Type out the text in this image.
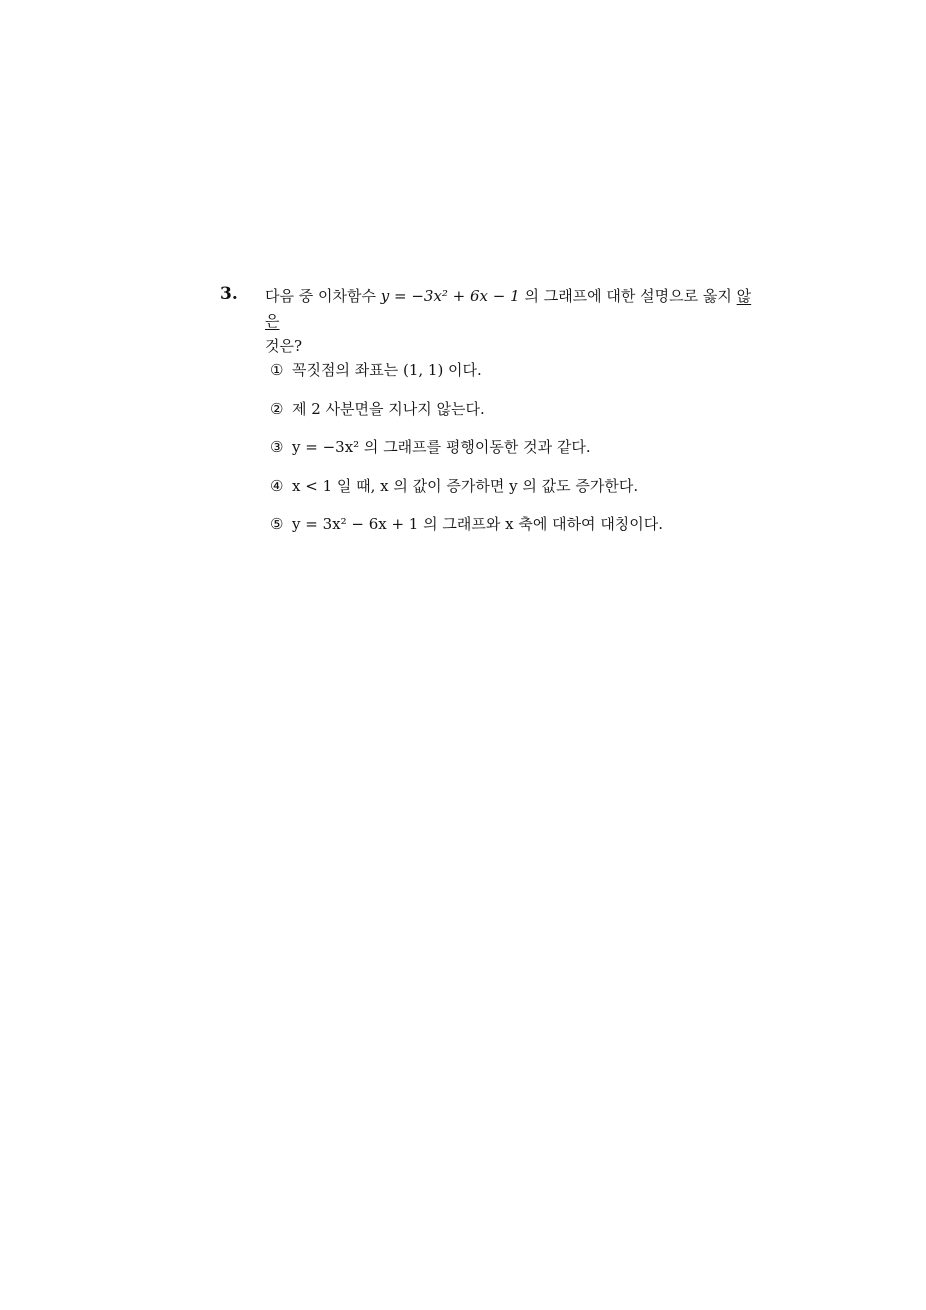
3. 다음 중 이차함수 y = −3x² + 6x − 1 의 그래프에 대한 설명으로 옳지 않은
것은?
① 꼭짓점의 좌표는 (1, 1) 이다.
② 제 2 사분면을 지나지 않는다.
③ y = −3x² 의 그래프를 평행이동한 것과 같다.
④ x < 1 일 때, x 의 값이 증가하면 y 의 값도 증가한다.
⑤ y = 3x² − 6x + 1 의 그래프와 x 축에 대하여 대칭이다.
